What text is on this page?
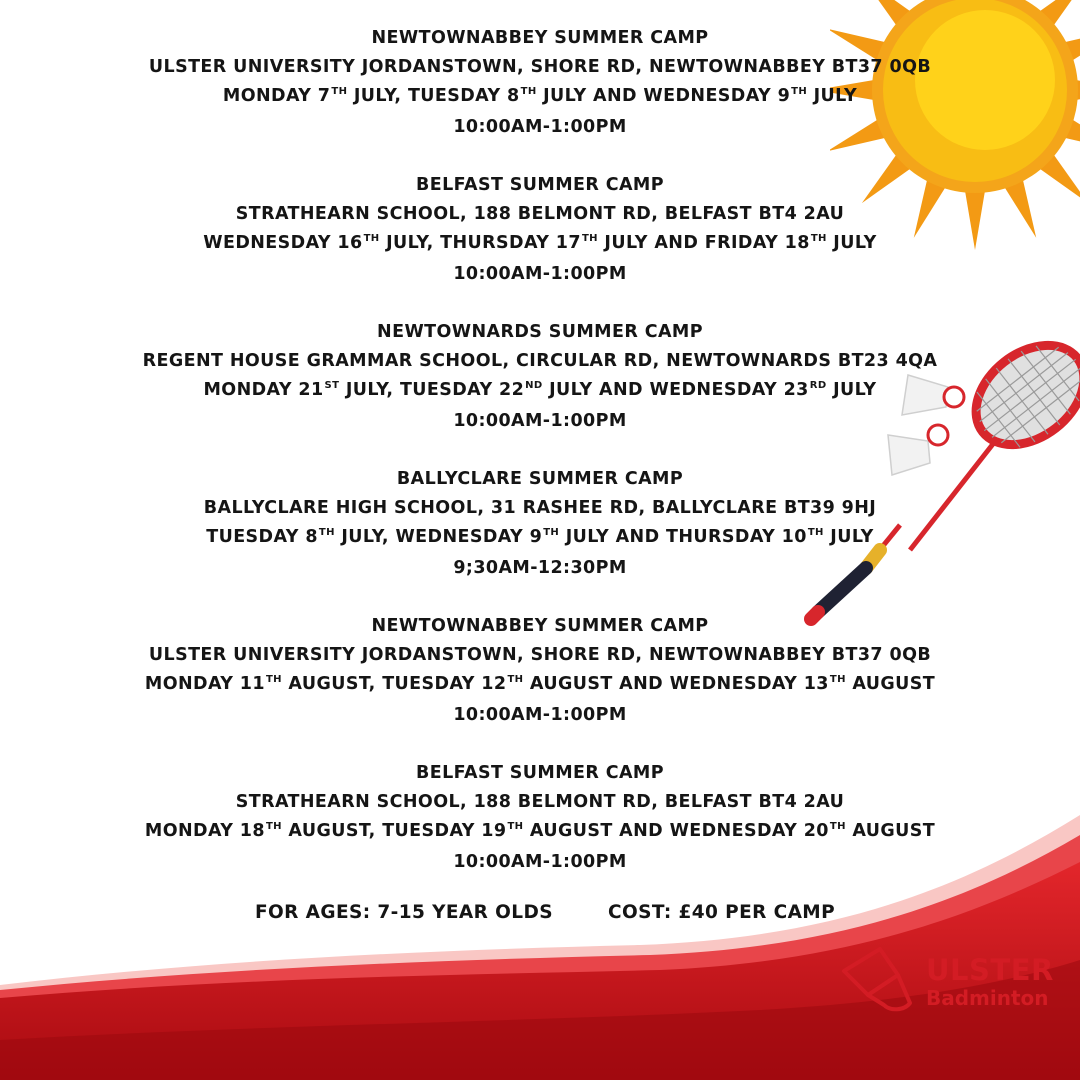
NEWTOWNABBEY SUMMER CAMP
ULSTER UNIVERSITY JORDANSTOWN, SHORE RD, NEWTOWNABBEY BT37 0QB
MONDAY 7TH JULY, TUESDAY 8TH JULY AND WEDNESDAY 9TH JULY
10:00AM-1:00PM
BELFAST SUMMER CAMP
STRATHEARN SCHOOL, 188 BELMONT RD, BELFAST BT4 2AU
WEDNESDAY 16TH JULY, THURSDAY 17TH JULY AND FRIDAY 18TH JULY
10:00AM-1:00PM
NEWTOWNARDS SUMMER CAMP
REGENT HOUSE GRAMMAR SCHOOL, CIRCULAR RD, NEWTOWNARDS BT23 4QA
MONDAY 21ST JULY, TUESDAY 22ND JULY AND WEDNESDAY 23RD JULY
10:00AM-1:00PM
BALLYCLARE SUMMER CAMP
BALLYCLARE HIGH SCHOOL, 31 RASHEE RD, BALLYCLARE BT39 9HJ
TUESDAY 8TH JULY, WEDNESDAY 9TH JULY AND THURSDAY 10TH JULY
9;30AM-12:30PM
NEWTOWNABBEY SUMMER CAMP
ULSTER UNIVERSITY JORDANSTOWN, SHORE RD, NEWTOWNABBEY BT37 0QB
MONDAY 11TH AUGUST, TUESDAY 12TH AUGUST AND WEDNESDAY 13TH AUGUST
10:00AM-1:00PM
BELFAST SUMMER CAMP
STRATHEARN SCHOOL, 188 BELMONT RD, BELFAST BT4 2AU
MONDAY 18TH AUGUST, TUESDAY 19TH AUGUST AND WEDNESDAY 20TH AUGUST
10:00AM-1:00PM
FOR AGES: 7-15 YEAR OLDS	COST: £40 PER CAMP
ULSTER
Badminton
